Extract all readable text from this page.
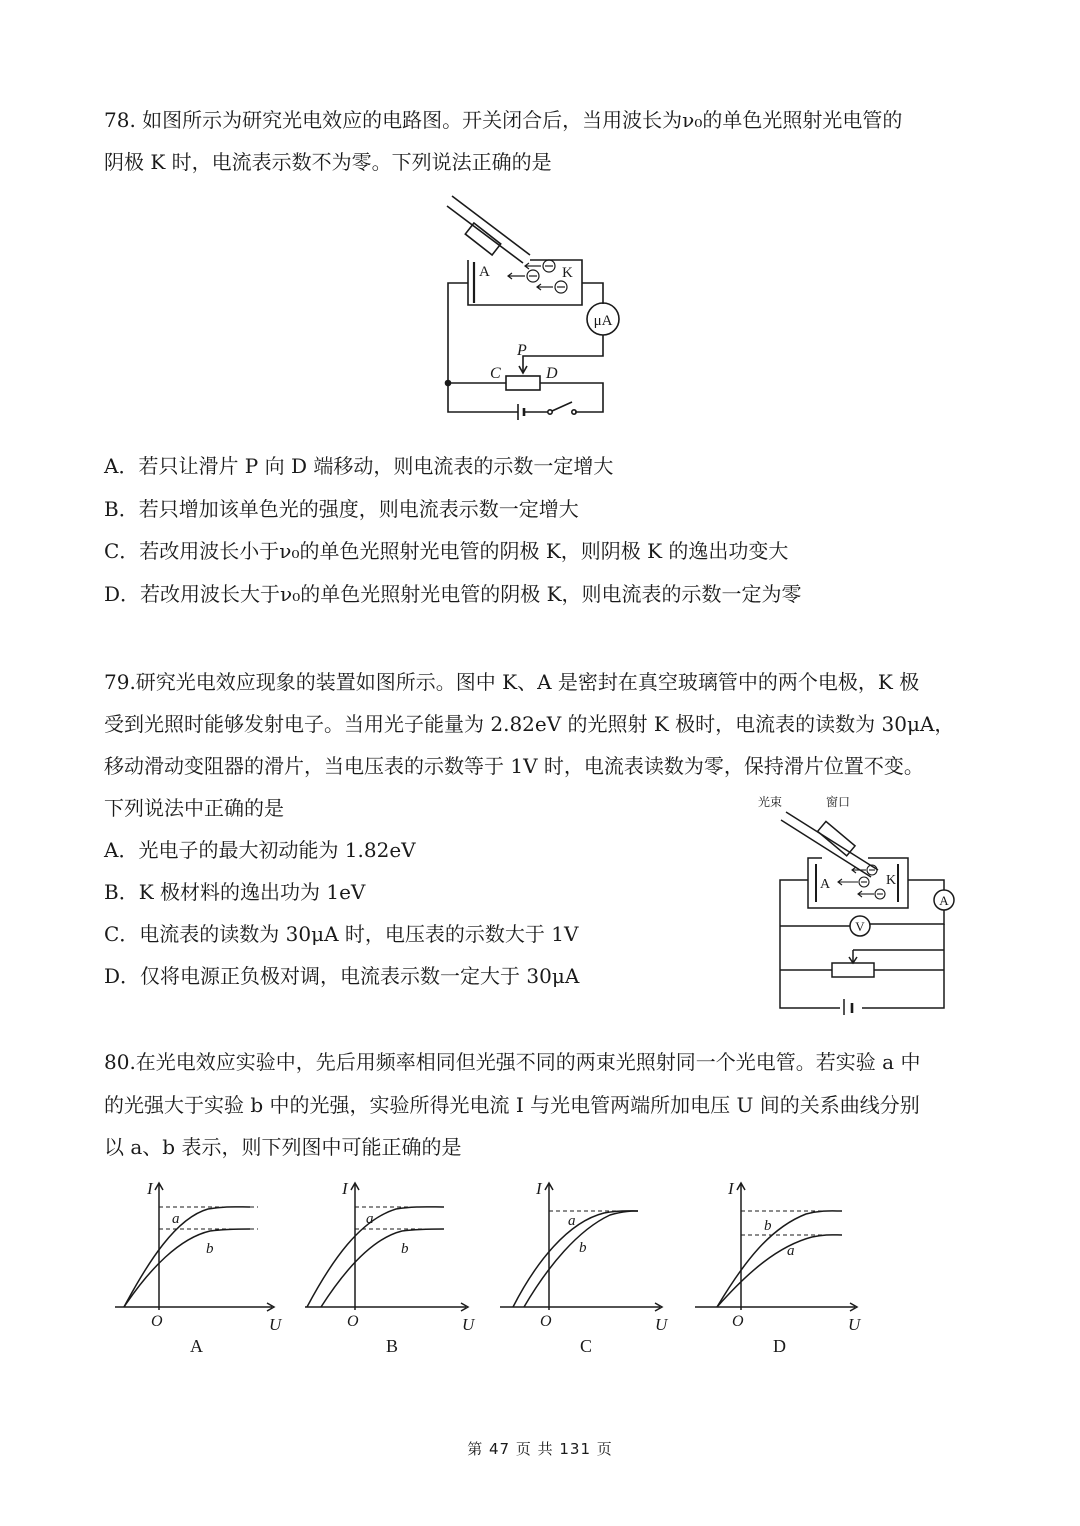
78. 如图所示为研究光电效应的电路图。开关闭合后，当用波长为ν₀的单色光照射光电管的
阴极 K 时，电流表示数不为零。下列说法正确的是
A	K
μA
P
C	D
A．若只让滑片 P 向 D 端移动，则电流表的示数一定增大
B．若只增加该单色光的强度，则电流表示数一定增大
C．若改用波长小于ν₀的单色光照射光电管的阴极 K，则阴极 K 的逸出功变大
D．若改用波长大于ν₀的单色光照射光电管的阴极 K，则电流表的示数一定为零
79.研究光电效应现象的装置如图所示。图中 K、A 是密封在真空玻璃管中的两个电极，K 极
受到光照时能够发射电子。当用光子能量为 2.82eV 的光照射 K 极时，电流表的读数为 30μA，
移动滑动变阻器的滑片，当电压表的示数等于 1V 时，电流表读数为零，保持滑片位置不变。
下列说法中正确的是
A．光电子的最大初动能为 1.82eV
B．K 极材料的逸出功为 1eV
C．电流表的读数为 30μA 时，电压表的示数大于 1V
D．仅将电源正负极对调，电流表示数一定大于 30μA
光束	窗口
A	K
A
V
80.在光电效应实验中，先后用频率相同但光强不同的两束光照射同一个光电管。若实验 a 中
的光强大于实验 b 中的光强，实验所得光电流 I 与光电管两端所加电压 U 间的关系曲线分别
以 a、b 表示，则下列图中可能正确的是
a
b
I
U
O
A
a
b
I
U
O
B
a
b
I
U
O
C
b
a
I
U
O
D
第 47 页 共 131 页
